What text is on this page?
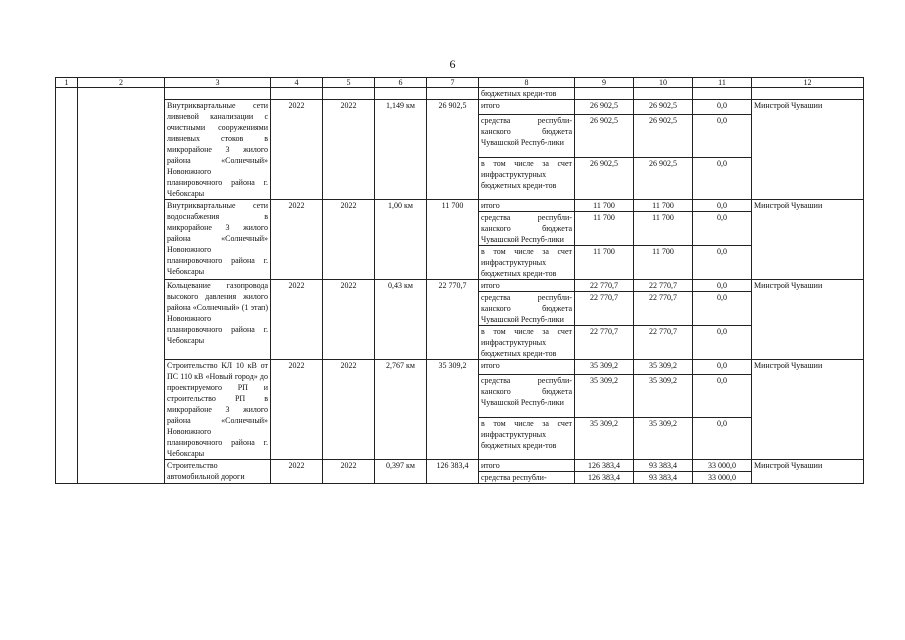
6
1	2	3	4	5	6	7	8	9	10	11	12
							бюджетных креди-тов				
		Внутриквартальные сети ливневой канализации с очистными сооружениями ливневых стоков в микрорайоне 3 жилого района «Солнечный» Новоюжного планировочного района г. Чебоксары	2022	2022	1,149 км	26 902,5	итого	26 902,5	26 902,5	0,0	Минстрой Чувашии
							средства республи-канского бюджета Чувашской Респуб-лики	26 902,5	26 902,5	0,0	
							в том числе за счет инфраструктурных бюджетных креди-тов	26 902,5	26 902,5	0,0	
		Внутриквартальные сети водоснабжения в микрорайоне 3 жилого района «Солнечный» Новоюжного планировочного района г. Чебоксары	2022	2022	1,00 км	11 700	итого	11 700	11 700	0,0	Минстрой Чувашии
							средства республи-канского бюджета Чувашской Респуб-лики	11 700	11 700	0,0	
							в том числе за счет инфраструктурных бюджетных креди-тов	11 700	11 700	0,0	
		Кольцевание газопровода высокого давления жилого района «Солнечный» (1 этап) Новоюжного планировочного района г. Чебоксары	2022	2022	0,43 км	22 770,7	итого	22 770,7	22 770,7	0,0	Минстрой Чувашии
							средства республи-канского бюджета Чувашской Респуб-лики	22 770,7	22 770,7	0,0	
							в том числе за счет инфраструктурных бюджетных креди-тов	22 770,7	22 770,7	0,0	
		Строительство КЛ 10 кВ от ПС 110 кВ «Новый город» до проектируемого РП и строительство РП в микрорайоне 3 жилого района «Солнечный» Новоюжного планировочного района г. Чебоксары	2022	2022	2,767 км	35 309,2	итого	35 309,2	35 309,2	0,0	Минстрой Чувашии
							средства республи-канского бюджета Чувашской Респуб-лики	35 309,2	35 309,2	0,0	
							в том числе за счет инфраструктурных бюджетных креди-тов	35 309,2	35 309,2	0,0	
		Строительство автомобильной дороги	2022	2022	0,397 км	126 383,4	итого	126 383,4	93 383,4	33 000,0	Минстрой Чувашии
							средства республи-	126 383,4	93 383,4	33 000,0	
